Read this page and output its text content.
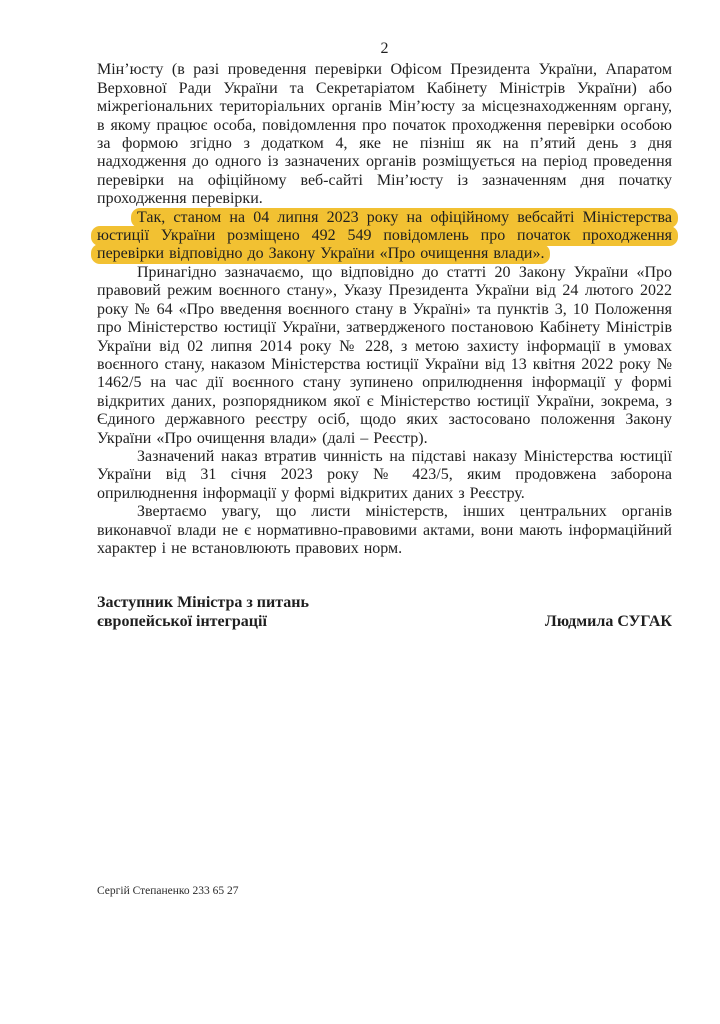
2

Мін’юсту (в разі проведення перевірки Офісом Президента України, Апаратом Верховної Ради України та Секретаріатом Кабінету Міністрів України) або міжрегіональних територіальних органів Мін’юсту за місцезнаходженням органу, в якому працює особа, повідомлення про початок проходження перевірки особою за формою згідно з додатком 4, яке не пізніш як на п’ятий день з дня надходження до одного із зазначених органів розміщується на період проведення перевірки на офіційному веб-сайті Мін’юсту із зазначенням дня початку проходження перевірки.

Так, станом на 04 липня 2023 року на офіційному вебсайті Міністерства юстиції України розміщено 492 549 повідомлень про початок проходження перевірки відповідно до Закону України «Про очищення влади».

Принагідно зазначаємо, що відповідно до статті 20 Закону України «Про правовий режим воєнного стану», Указу Президента України від 24 лютого 2022 року № 64 «Про введення воєнного стану в Україні» та пунктів 3, 10 Положення про Міністерство юстиції України, затвердженого постановою Кабінету Міністрів України від 02 липня 2014 року № 228, з метою захисту інформації в умовах воєнного стану, наказом Міністерства юстиції України від 13 квітня 2022 року № 1462/5 на час дії воєнного стану зупинено оприлюднення інформації у формі відкритих даних, розпорядником якої є Міністерство юстиції України, зокрема, з Єдиного державного реєстру осіб, щодо яких застосовано положення Закону України «Про очищення влади» (далі – Реєстр).

Зазначений наказ втратив чинність на підставі наказу Міністерства юстиції України від 31 січня 2023 року № 423/5, яким продовжена заборона оприлюднення інформації у формі відкритих даних з Реєстру.

Звертаємо увагу, що листи міністерств, інших центральних органів виконавчої влади не є нормативно-правовими актами, вони мають інформаційний характер і не встановлюють правових норм.

Заступник Міністра з питань
європейської інтеграції	Людмила СУГАК
Сергій Степаненко 233 65 27
